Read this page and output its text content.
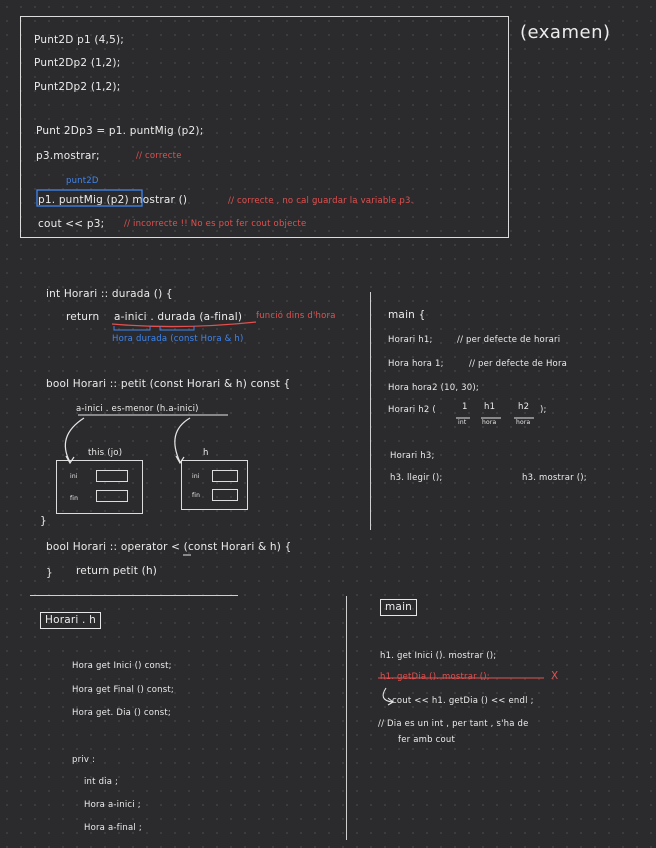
(examen)
Punt2D p1 (4,5);
Punt2Dp2 (1,2);
Punt2Dp2 (1,2);
Punt 2Dp3 = p1. puntMig (p2);
p3.mostrar;	// correcte
punt2D
p1. puntMig (p2) mostrar ()	// correcte , no cal guardar la variable p3.
cout << p3; // incorrecte !! No es pot fer cout objecte
int Horari :: durada () {
return a-inici . durada (a-final) funció dins d'hora
Hora durada (const Hora & h)
bool Horari :: petit (const Horari & h) const {
a-inici . es-menor (h.a-inici)
this (jo)	h
ini
fin
ini
fin
}
bool Horari :: operator < (const Horari & h) {
} return petit (h)
main {
Horari h1;	// per defecte de horari
Hora hora 1;	// per defecte de Hora
Hora hora2 (10, 30);
Horari h2 (	1
int
h1
hora
h2
hora
);
Horari h3;
h3. llegir ();	h3. mostrar ();
Horari . h
Hora get Inici () const;
Hora get Final () const;
Hora get. Dia () const;
priv :
int dia ;
Hora a-inici ;
Hora a-final ;
main
h1. get Inici (). mostrar ();
h1. getDia (). mostrar ();	X
cout << h1. getDia () << endl ;
// Dia es un int , per tant , s'ha de
fer amb cout
